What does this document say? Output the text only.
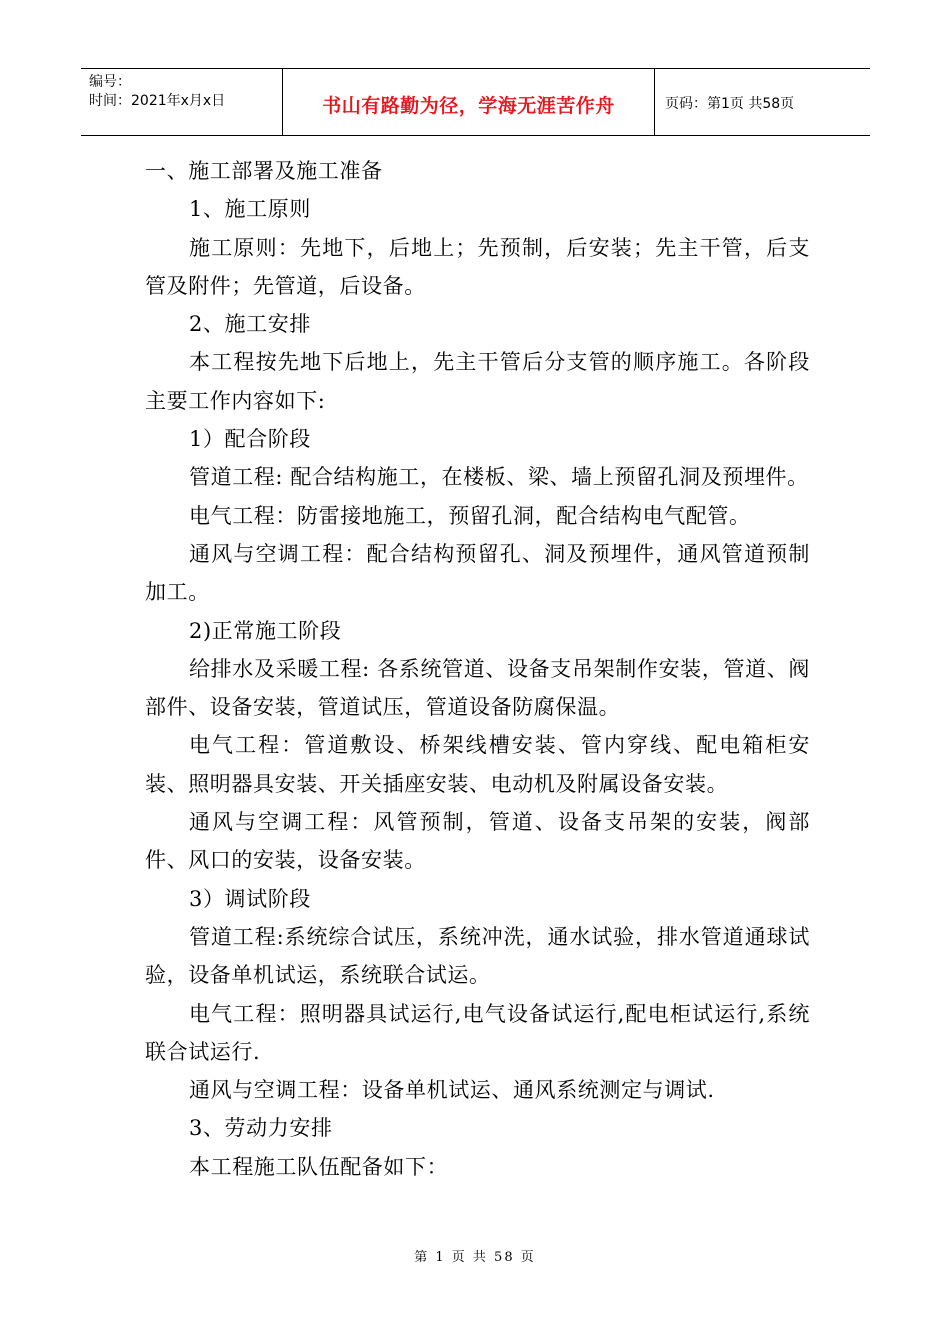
编号：
时间：2021年x月x日	书山有路勤为径，学海无涯苦作舟	页码：第1页 共58页

一、施工部署及施工准备

1、施工原则

施工原则：先地下，后地上；先预制，后安装；先主干管，后支管及附件；先管道，后设备。

2、施工安排

本工程按先地下后地上，先主干管后分支管的顺序施工。各阶段主要工作内容如下:

1）配合阶段

管道工程: 配合结构施工，在楼板、梁、墙上预留孔洞及预埋件。

电气工程：防雷接地施工，预留孔洞，配合结构电气配管。

通风与空调工程：配合结构预留孔、洞及预埋件，通风管道预制加工。

2)正常施工阶段

给排水及采暖工程: 各系统管道、设备支吊架制作安装，管道、阀部件、设备安装，管道试压，管道设备防腐保温。

电气工程：管道敷设、桥架线槽安装、管内穿线、配电箱柜安装、照明器具安装、开关插座安装、电动机及附属设备安装。

通风与空调工程：风管预制，管道、设备支吊架的安装，阀部件、风口的安装，设备安装。

3）调试阶段

管道工程:系统综合试压，系统冲洗，通水试验，排水管道通球试验，设备单机试运，系统联合试运。

电气工程：照明器具试运行,电气设备试运行,配电柜试运行,系统联合试运行.

通风与空调工程：设备单机试运、通风系统测定与调试.

3、劳动力安排

本工程施工队伍配备如下：

第 1 页 共 58 页
